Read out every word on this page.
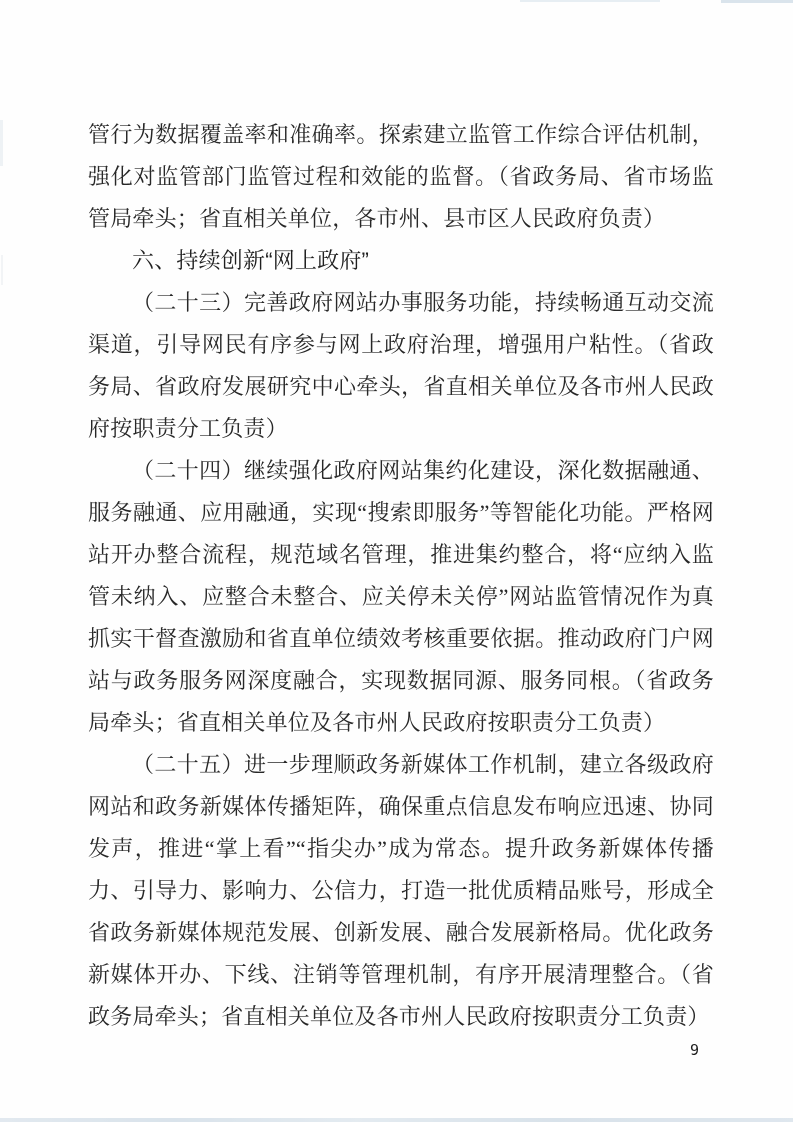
管行为数据覆盖率和准确率。探索建立监管工作综合评估机制，强化对监管部门监管过程和效能的监督。（省政务局、省市场监管局牵头；省直相关单位，各市州、县市区人民政府负责）

六、持续创新“网上政府”

（二十三）完善政府网站办事服务功能，持续畅通互动交流渠道，引导网民有序参与网上政府治理，增强用户粘性。（省政务局、省政府发展研究中心牵头，省直相关单位及各市州人民政府按职责分工负责）

（二十四）继续强化政府网站集约化建设，深化数据融通、服务融通、应用融通，实现“搜索即服务”等智能化功能。严格网站开办整合流程，规范域名管理，推进集约整合，将“应纳入监管未纳入、应整合未整合、应关停未关停”网站监管情况作为真抓实干督查激励和省直单位绩效考核重要依据。推动政府门户网站与政务服务网深度融合，实现数据同源、服务同根。（省政务局牵头；省直相关单位及各市州人民政府按职责分工负责）

（二十五）进一步理顺政务新媒体工作机制，建立各级政府网站和政务新媒体传播矩阵，确保重点信息发布响应迅速、协同发声，推进“掌上看”“指尖办”成为常态。提升政务新媒体传播力、引导力、影响力、公信力，打造一批优质精品账号，形成全省政务新媒体规范发展、创新发展、融合发展新格局。优化政务新媒体开办、下线、注销等管理机制，有序开展清理整合。（省政务局牵头；省直相关单位及各市州人民政府按职责分工负责）

9
